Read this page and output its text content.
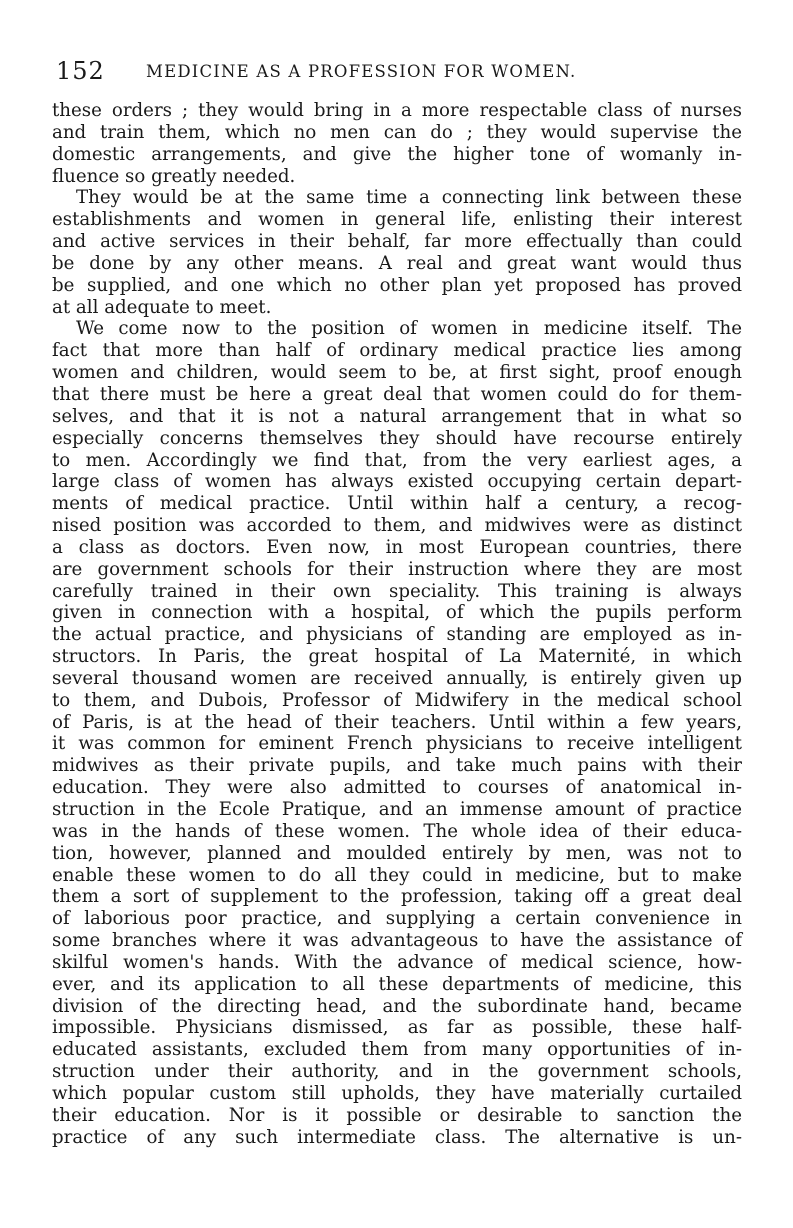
152 MEDICINE AS A PROFESSION FOR WOMEN.
these orders ; they would bring in a more respectable class of nurses
and train them, which no men can do ; they would supervise the
domestic arrangements, and give the higher tone of womanly in-
fluence so greatly needed.
They would be at the same time a connecting link between these
establishments and women in general life, enlisting their interest
and active services in their behalf, far more effectually than could
be done by any other means. A real and great want would thus
be supplied, and one which no other plan yet proposed has proved
at all adequate to meet.
We come now to the position of women in medicine itself. The
fact that more than half of ordinary medical practice lies among
women and children, would seem to be, at first sight, proof enough
that there must be here a great deal that women could do for them-
selves, and that it is not a natural arrangement that in what so
especially concerns themselves they should have recourse entirely
to men. Accordingly we find that, from the very earliest ages, a
large class of women has always existed occupying certain depart-
ments of medical practice. Until within half a century, a recog-
nised position was accorded to them, and midwives were as distinct
a class as doctors. Even now, in most European countries, there
are government schools for their instruction where they are most
carefully trained in their own speciality. This training is always
given in connection with a hospital, of which the pupils perform
the actual practice, and physicians of standing are employed as in-
structors. In Paris, the great hospital of La Maternité, in which
several thousand women are received annually, is entirely given up
to them, and Dubois, Professor of Midwifery in the medical school
of Paris, is at the head of their teachers. Until within a few years,
it was common for eminent French physicians to receive intelligent
midwives as their private pupils, and take much pains with their
education. They were also admitted to courses of anatomical in-
struction in the Ecole Pratique, and an immense amount of practice
was in the hands of these women. The whole idea of their educa-
tion, however, planned and moulded entirely by men, was not to
enable these women to do all they could in medicine, but to make
them a sort of supplement to the profession, taking off a great deal
of laborious poor practice, and supplying a certain convenience in
some branches where it was advantageous to have the assistance of
skilful women's hands. With the advance of medical science, how-
ever, and its application to all these departments of medicine, this
division of the directing head, and the subordinate hand, became
impossible. Physicians dismissed, as far as possible, these half-
educated assistants, excluded them from many opportunities of in-
struction under their authority, and in the government schools,
which popular custom still upholds, they have materially curtailed
their education. Nor is it possible or desirable to sanction the
practice of any such intermediate class. The alternative is un-
